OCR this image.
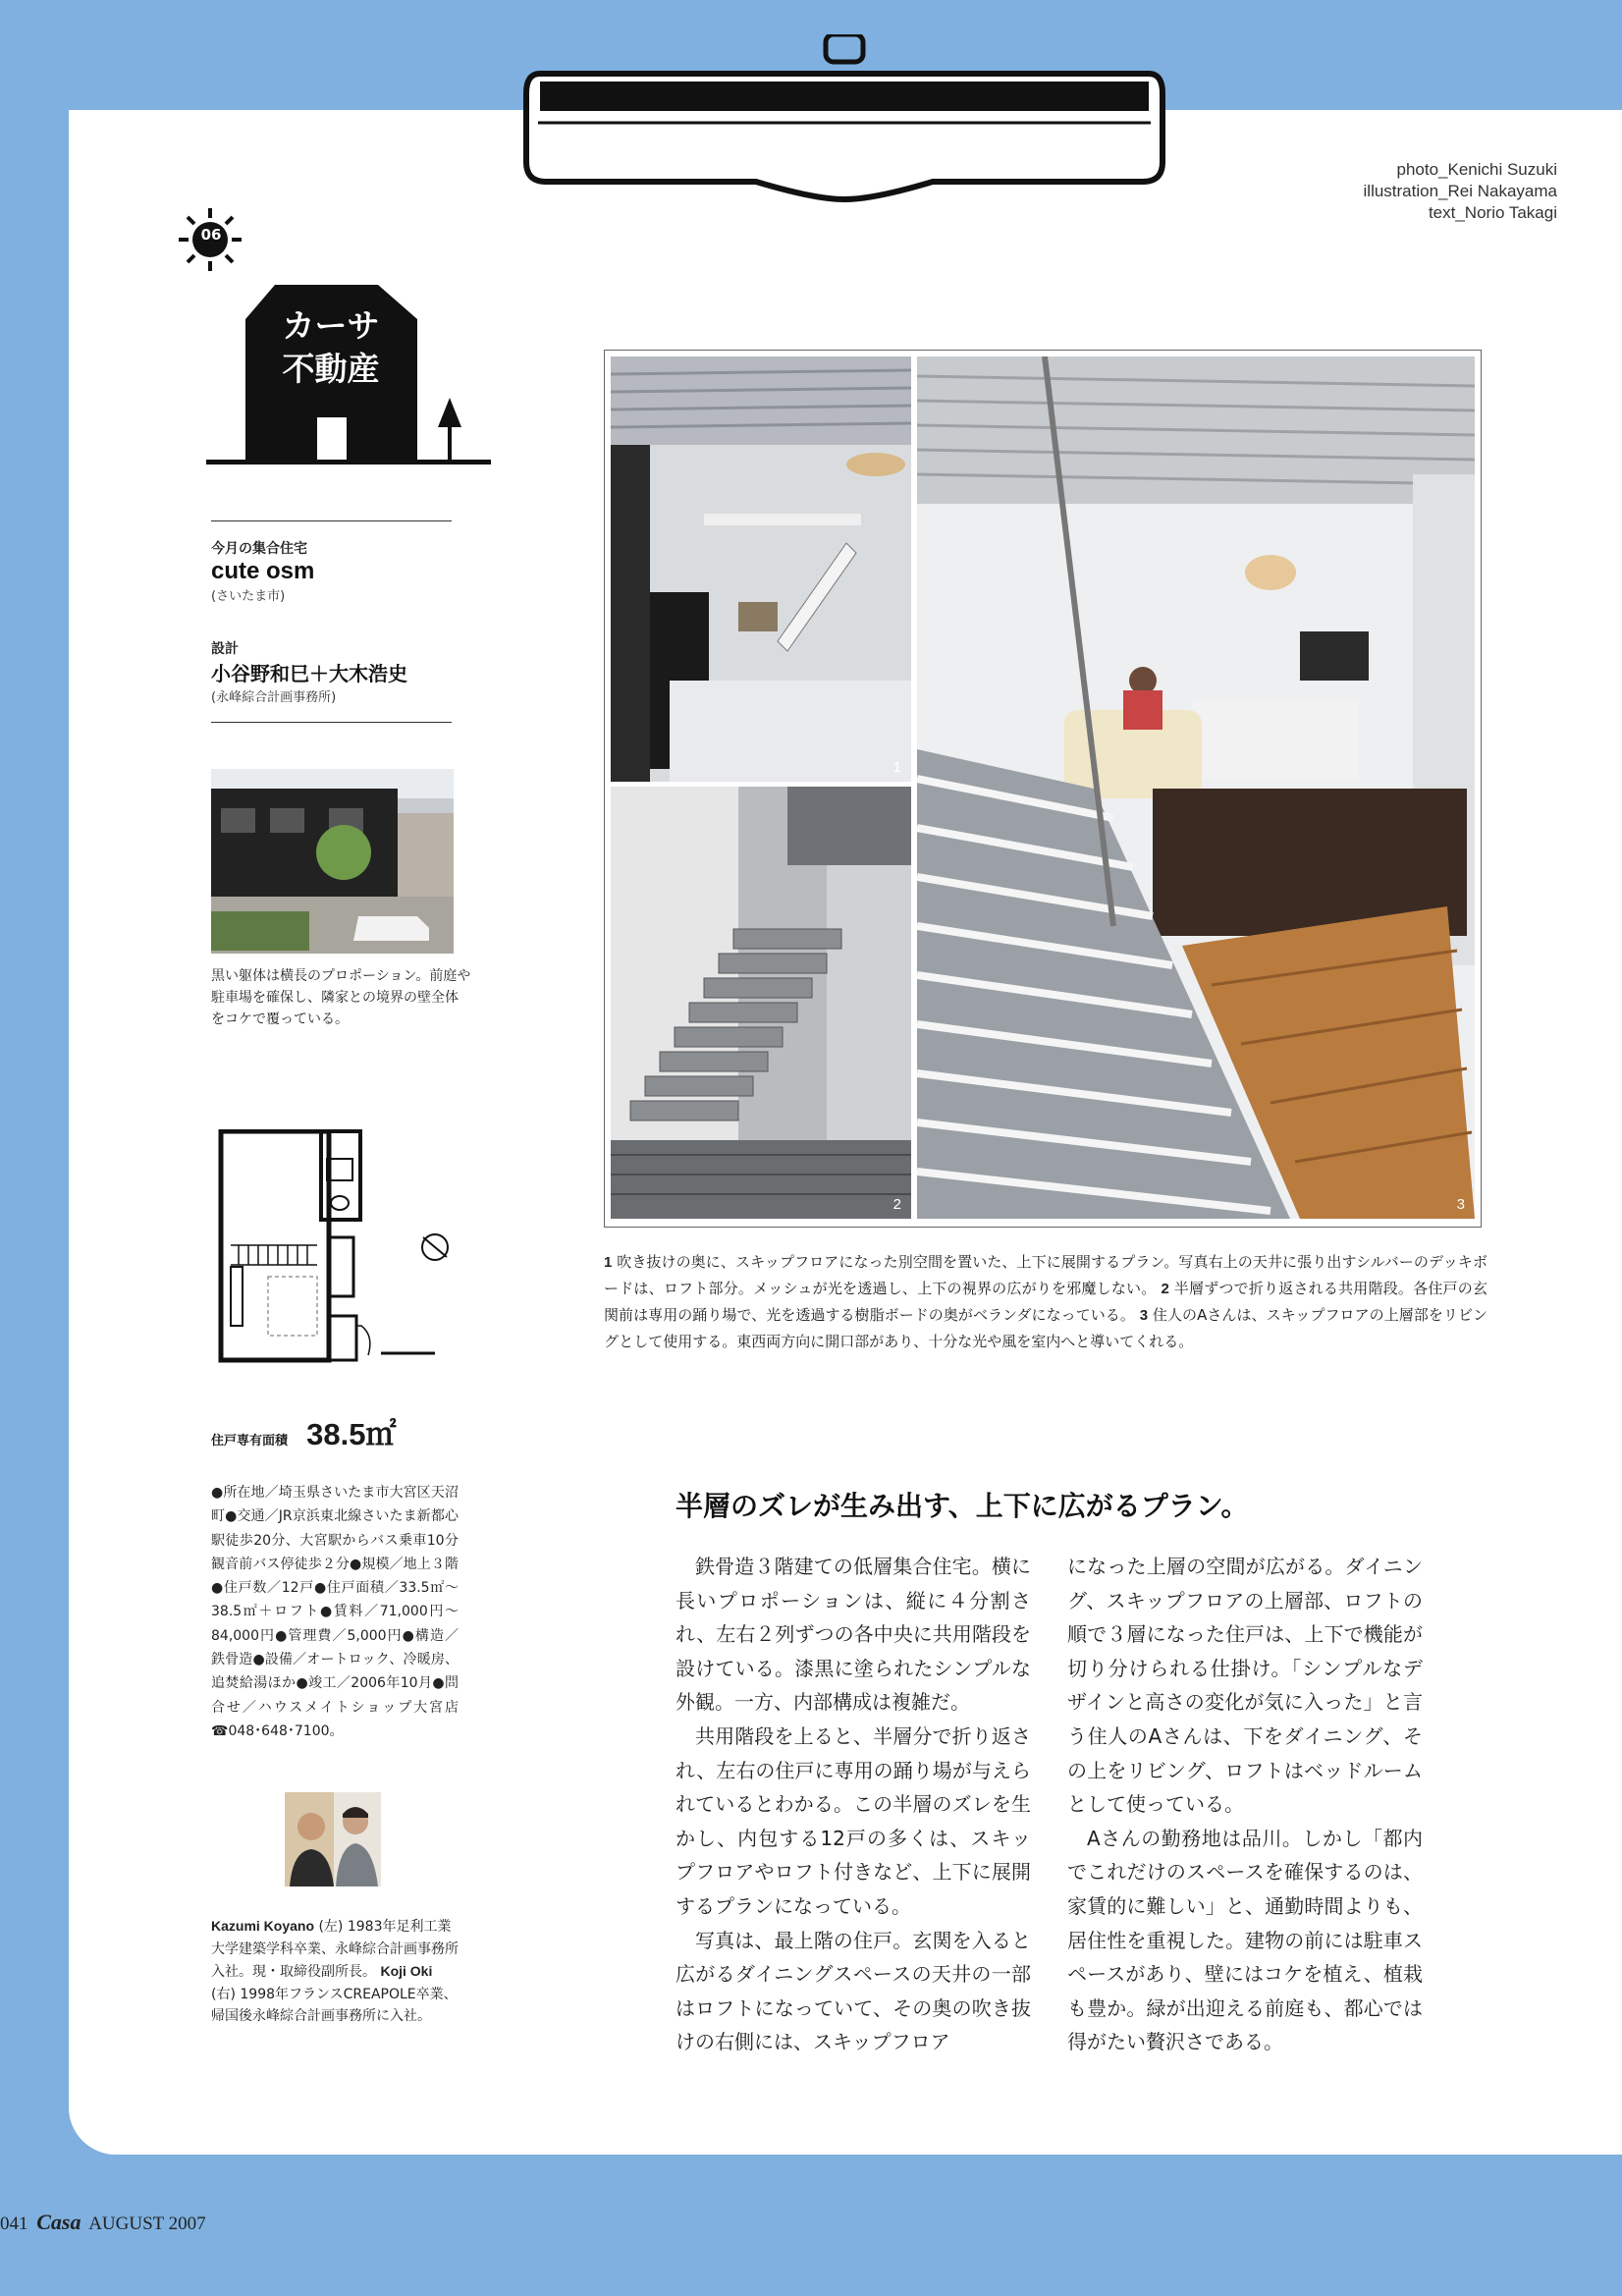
photo_Kenichi Suzuki
illustration_Rei Nakayama
text_Norio Takagi
06
カーサ
不動産
今月の集合住宅
cute osm
(さいたま市)
設計
小谷野和巳＋大木浩史
(永峰綜合計画事務所)
黒い躯体は横長のプロポーション。前庭や駐車場を確保し、隣家との境界の壁全体をコケで覆っている。
住戸専有面積 38.5㎡
●所在地／埼玉県さいたま市大宮区天沼町●交通／JR京浜東北線さいたま新都心駅徒歩20分、大宮駅からバス乗車10分観音前バス停徒歩２分●規模／地上３階●住戸数／12戸●住戸面積／33.5㎡〜38.5㎡＋ロフト●賃料／71,000円〜84,000円●管理費／5,000円●構造／鉄骨造●設備／オートロック、冷暖房、追焚給湯ほか●竣工／2006年10月●問合せ／ハウスメイトショップ大宮店☎048･648･7100。
Kazumi Koyano (左) 1983年足利工業大学建築学科卒業、永峰綜合計画事務所入社。現・取締役副所長。 Koji Oki (右) 1998年フランスCREAPOLE卒業、帰国後永峰綜合計画事務所に入社。
1
2	3
1 吹き抜けの奥に、スキップフロアになった別空間を置いた、上下に展開するプラン。写真右上の天井に張り出すシルバーのデッキボードは、ロフト部分。メッシュが光を透過し、上下の視界の広がりを邪魔しない。 2 半層ずつで折り返される共用階段。各住戸の玄関前は専用の踊り場で、光を透過する樹脂ボードの奥がベランダになっている。 3 住人のAさんは、スキップフロアの上層部をリビングとして使用する。東西両方向に開口部があり、十分な光や風を室内へと導いてくれる。
半層のズレが生み出す、上下に広がるプラン。

鉄骨造３階建ての低層集合住宅。横に長いプロポーションは、縦に４分割され、左右２列ずつの各中央に共用階段を設けている。漆黒に塗られたシンプルな外観。一方、内部構成は複雑だ。

共用階段を上ると、半層分で折り返され、左右の住戸に専用の踊り場が与えられているとわかる。この半層のズレを生かし、内包する12戸の多くは、スキップフロアやロフト付きなど、上下に展開するプランになっている。

写真は、最上階の住戸。玄関を入ると広がるダイニングスペースの天井の一部はロフトになっていて、その奥の吹き抜けの右側には、スキップフロア

になった上層の空間が広がる。ダイニング、スキップフロアの上層部、ロフトの順で３層になった住戸は、上下で機能が切り分けられる仕掛け。「シンプルなデザインと高さの変化が気に入った」と言う住人のAさんは、下をダイニング、その上をリビング、ロフトはベッドルームとして使っている。

Aさんの勤務地は品川。しかし「都内でこれだけのスペースを確保するのは、家賃的に難しい」と、通勤時間よりも、居住性を重視した。建物の前には駐車スペースがあり、壁にはコケを植え、植栽も豊か。緑が出迎える前庭も、都心では得がたい贅沢さである。

041 Casa AUGUST 2007
